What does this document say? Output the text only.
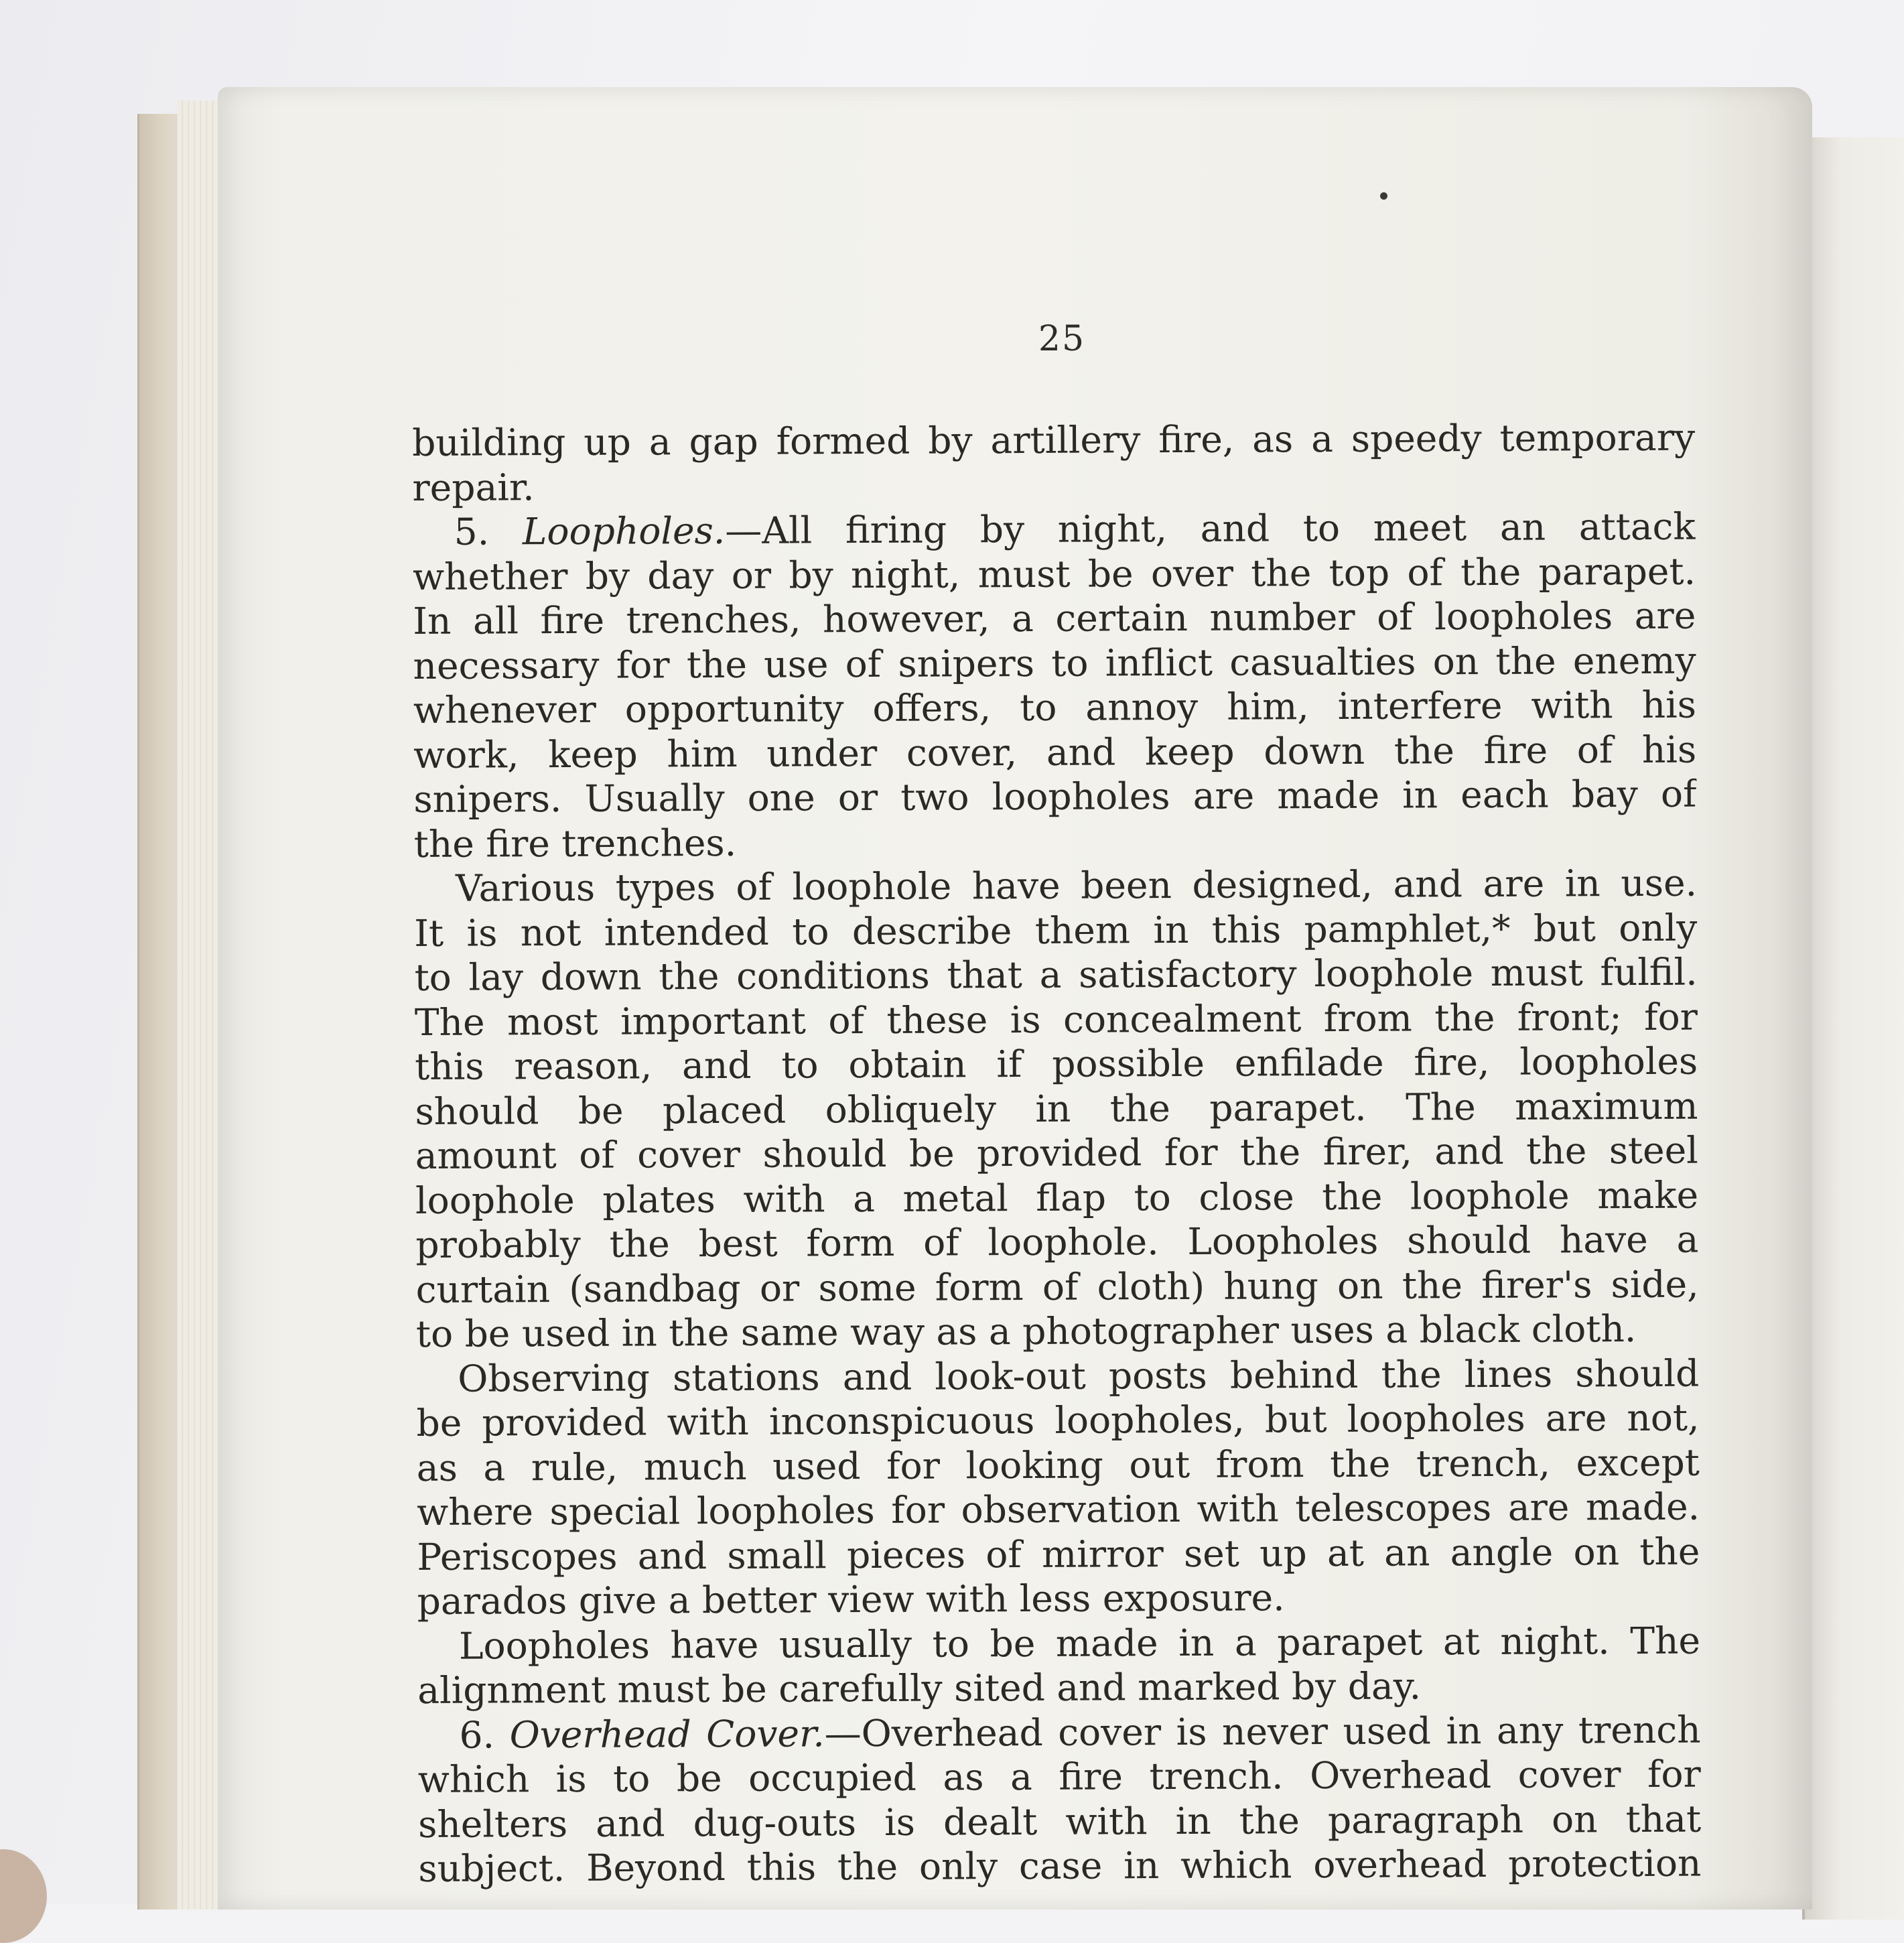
25
building up a gap formed by artillery fire, as a speedy temporary
repair.
5. Loopholes.—All firing by night, and to meet an attack
whether by day or by night, must be over the top of the parapet.
In all fire trenches, however, a certain number of loopholes are
necessary for the use of snipers to inflict casualties on the enemy
whenever opportunity offers, to annoy him, interfere with his
work, keep him under cover, and keep down the fire of his
snipers. Usually one or two loopholes are made in each bay of
the fire trenches.
Various types of loophole have been designed, and are in use.
It is not intended to describe them in this pamphlet,* but only
to lay down the conditions that a satisfactory loophole must fulfil.
The most important of these is concealment from the front; for
this reason, and to obtain if possible enfilade fire, loopholes
should be placed obliquely in the parapet. The maximum
amount of cover should be provided for the firer, and the steel
loophole plates with a metal flap to close the loophole make
probably the best form of loophole. Loopholes should have a
curtain (sandbag or some form of cloth) hung on the firer's side,
to be used in the same way as a photographer uses a black cloth.
Observing stations and look-out posts behind the lines should
be provided with inconspicuous loopholes, but loopholes are not,
as a rule, much used for looking out from the trench, except
where special loopholes for observation with telescopes are made.
Periscopes and small pieces of mirror set up at an angle on the
parados give a better view with less exposure.
Loopholes have usually to be made in a parapet at night. The
alignment must be carefully sited and marked by day.
6. Overhead Cover.—Overhead cover is never used in any trench
which is to be occupied as a fire trench. Overhead cover for
shelters and dug-outs is dealt with in the paragraph on that
subject. Beyond this the only case in which overhead protection
